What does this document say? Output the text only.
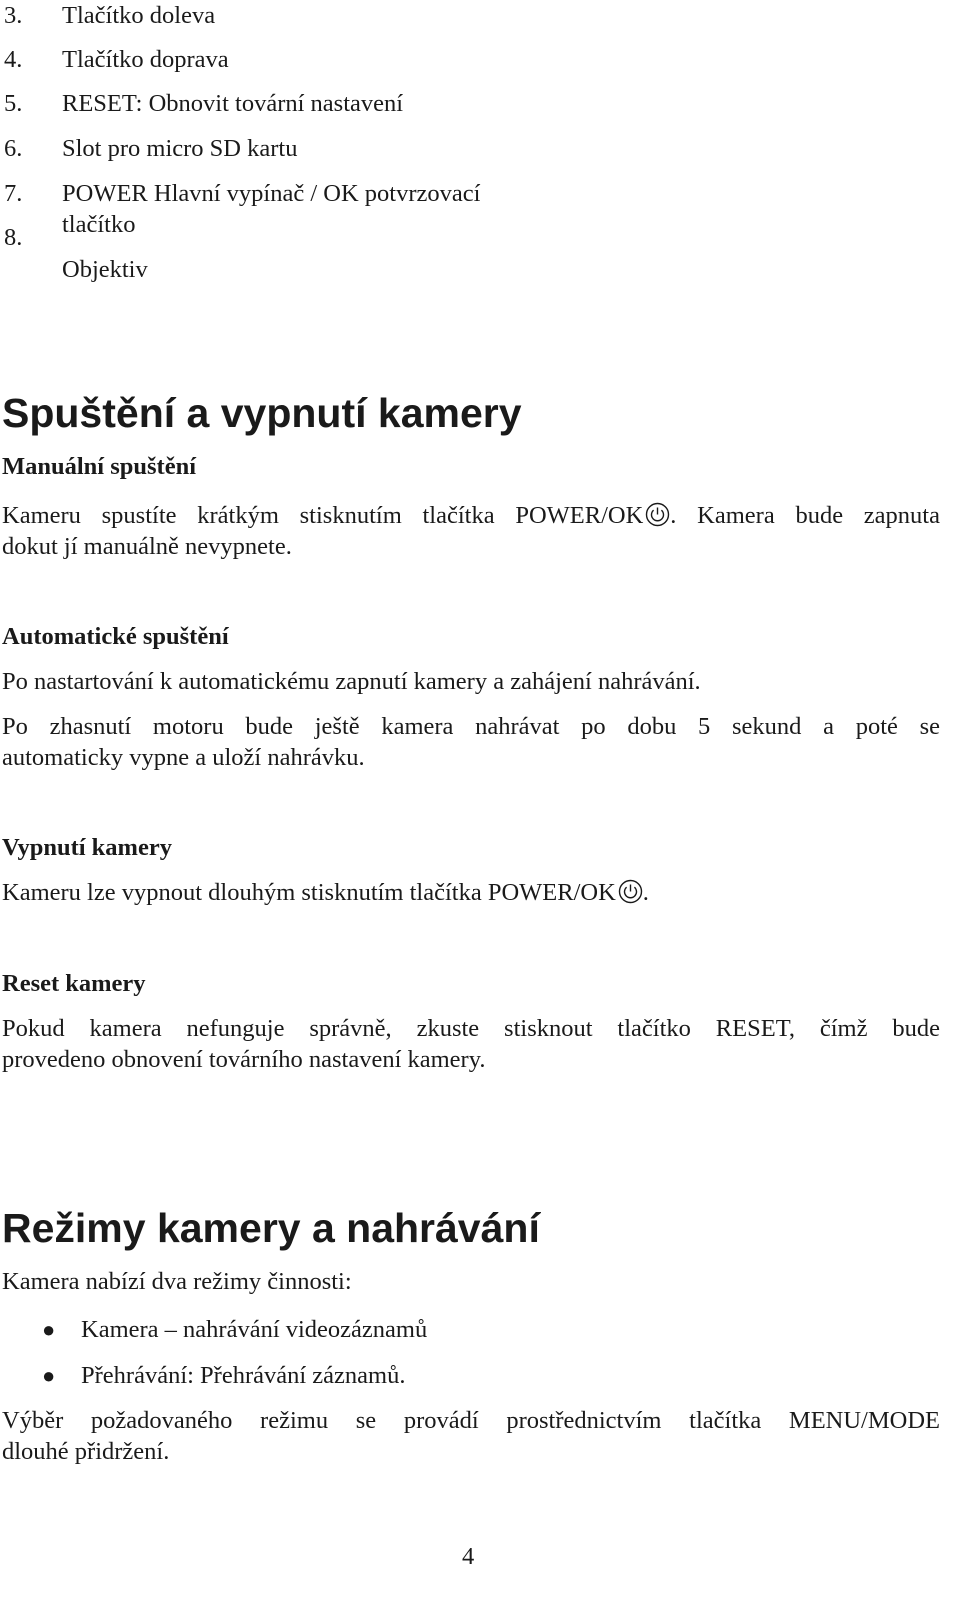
3. Tlačítko doleva
4. Tlačítko doprava
5. RESET: Obnovit tovární nastavení
6. Slot pro micro SD kartu
7. POWER Hlavní vypínač / OK potvrzovací
8. tlačítko
Objektiv
Spuštění a vypnutí kamery
Manuální spuštění
Kameru spustíte krátkým stisknutím tlačítka POWER/OK . Kamera bude zapnuta
dokut jí manuálně nevypnete.
Automatické spuštění
Po nastartování k automatickému zapnutí kamery a zahájení nahrávání.
Po zhasnutí motoru bude ještě kamera nahrávat po dobu 5 sekund a poté se
automaticky vypne a uloží nahrávku.
Vypnutí kamery
Kameru lze vypnout dlouhým stisknutím tlačítka POWER/OK .
Reset kamery
Pokud kamera nefunguje správně, zkuste stisknout tlačítko RESET, čímž bude
provedeno obnovení továrního nastavení kamery.
Režimy kamery a nahrávání
Kamera nabízí dva režimy činnosti:
● Kamera – nahrávání videozáznamů
● Přehrávání: Přehrávání záznamů.
Výběr požadovaného režimu se provádí prostřednictvím tlačítka MENU/MODE
dlouhé přidržení.
4
